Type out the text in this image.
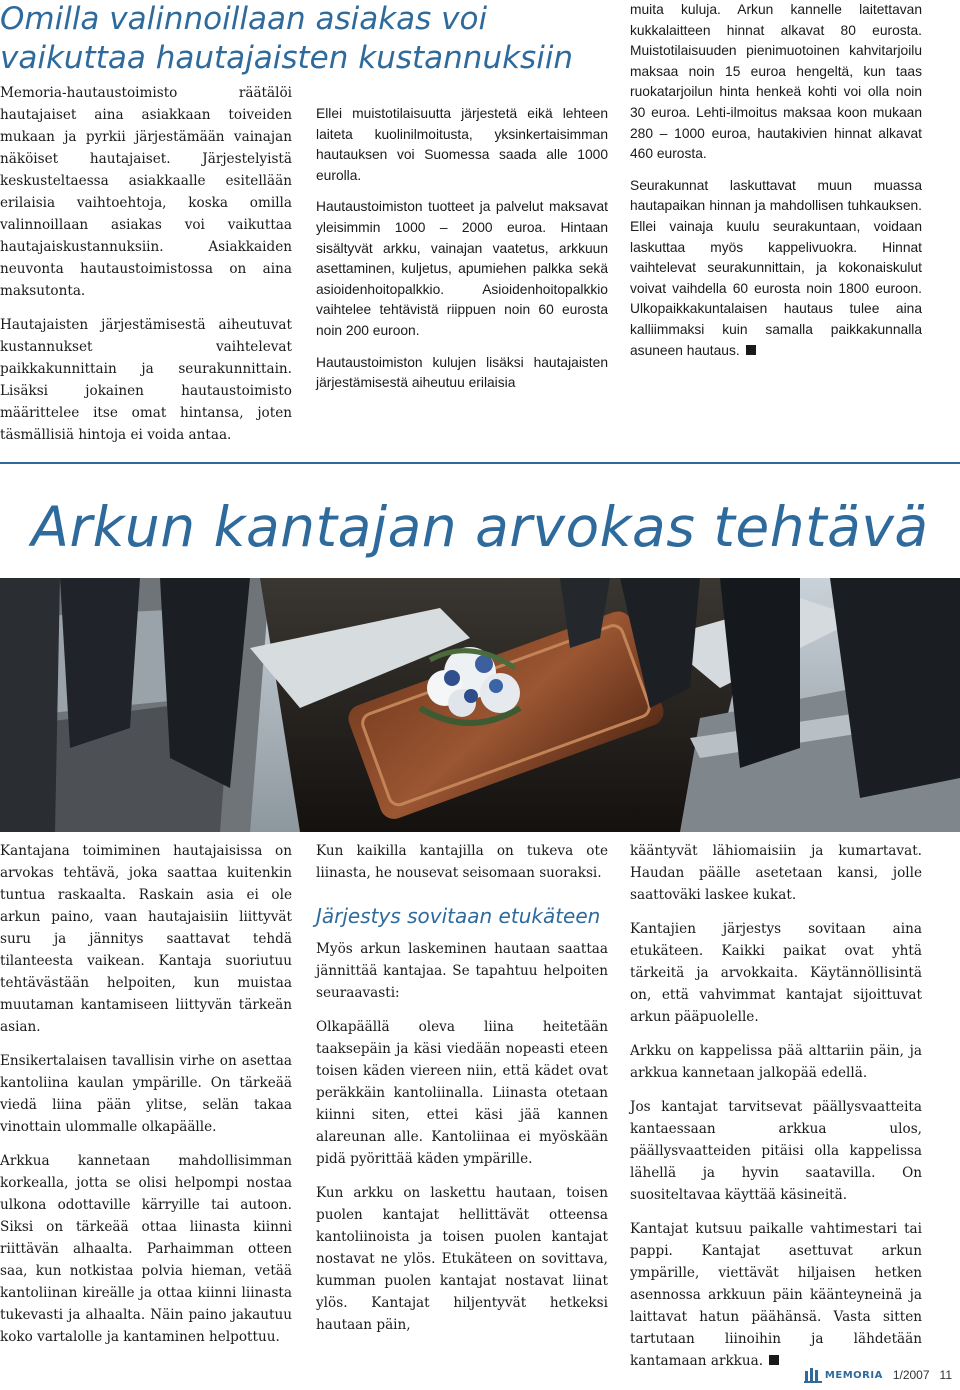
Omilla valinnoillaan asiakas voi vaikuttaa hautajaisten kustannuksiin

Memoria-hautaustoimisto räätälöi hautajaiset aina asiakkaan toiveiden mukaan ja pyrkii järjestämään vainajan näköiset hautajaiset. Järjestelyistä keskusteltaessa asiakkaalle esitellään erilaisia vaihtoehtoja, koska omilla valinnoillaan asiakas voi vaikuttaa hautajaiskustannuksiin. Asiakkaiden neuvonta hautaustoimistossa on aina maksutonta.

Hautajaisten järjestämisestä aiheutuvat kustannukset vaihtelevat paikkakunnittain ja seurakunnittain. Lisäksi jokainen hautaustoimisto määrittelee itse omat hintansa, joten täsmällisiä hintoja ei voida antaa.

Ellei muistotilaisuutta järjestetä eikä lehteen laiteta kuolinilmoitusta, yksinkertaisimman hautauksen voi Suomessa saada alle 1000 eurolla.

Hautaustoimiston tuotteet ja palvelut maksavat yleisimmin 1000 – 2000 euroa. Hintaan sisältyvät arkku, vainajan vaatetus, arkkuun asettaminen, kuljetus, apumiehen palkka sekä asioidenhoitopalkkio. Asioidenhoitopalkkio vaihtelee tehtävistä riippuen noin 60 eurosta noin 200 euroon.

Hautaustoimiston kulujen lisäksi hautajaisten järjestämisestä aiheutuu erilaisia

muita kuluja. Arkun kannelle laitettavan kukkalaitteen hinnat alkavat 80 eurosta. Muistotilaisuuden pienimuotoinen kahvitarjoilu maksaa noin 15 euroa hengeltä, kun taas ruokatarjoilun hinta henkeä kohti voi olla noin 30 euroa. Lehti-ilmoitus maksaa koon mukaan 280 – 1000 euroa, hautakivien hinnat alkavat 460 eurosta.

Seurakunnat laskuttavat muun muassa hautapaikan hinnan ja mahdollisen tuhkauksen. Ellei vainaja kuulu seurakuntaan, voidaan laskuttaa myös kappelivuokra. Hinnat vaihtelevat seurakunnittain, ja kokonaiskulut voivat vaihdella 60 eurosta noin 1800 euroon. Ulkopaikkakuntalaisen hautaus tulee aina kalliimmaksi kuin samalla paikkakunnalla asuneen hautaus.

Arkun kantajan arvokas tehtävä

Kantajana toimiminen hautajaisissa on arvokas tehtävä, joka saattaa kuitenkin tuntua raskaalta. Raskain asia ei ole arkun paino, vaan hautajaisiin liittyvät suru ja jännitys saattavat tehdä tilanteesta vaikean. Kantaja suoriutuu tehtävästään helpoiten, kun muistaa muutaman kantamiseen liittyvän tärkeän asian.

Ensikertalaisen tavallisin virhe on asettaa kantoliina kaulan ympärille. On tärkeää viedä liina pään ylitse, selän takaa vinottain ulommalle olkapäälle.

Arkkua kannetaan mahdollisimman korkealla, jotta se olisi helpompi nostaa ulkona odottaville kärryille tai autoon. Siksi on tärkeää ottaa liinasta kiinni riittävän alhaalta. Parhaimman otteen saa, kun notkistaa polvia hieman, vetää kantoliinan kireälle ja ottaa kiinni liinasta tukevasti ja alhaalta. Näin paino jakautuu koko vartalolle ja kantaminen helpottuu.

Kun kaikilla kantajilla on tukeva ote liinasta, he nousevat seisomaan suoraksi.

Järjestys sovitaan etukäteen

Myös arkun laskeminen hautaan saattaa jännittää kantajaa. Se tapahtuu helpoiten seuraavasti:

Olkapäällä oleva liina heitetään taaksepäin ja käsi viedään nopeasti eteen toisen käden viereen niin, että kädet ovat peräkkäin kantoliinalla. Liinasta otetaan kiinni siten, ettei käsi jää kannen alareunan alle. Kantoliinaa ei myöskään pidä pyörittää käden ympärille.

Kun arkku on laskettu hautaan, toisen puolen kantajat hellittävät otteensa kantoliinoista ja toisen puolen kantajat nostavat ne ylös. Etukäteen on sovittava, kumman puolen kantajat nostavat liinat ylös. Kantajat hiljentyvät hetkeksi hautaan päin,

kääntyvät lähiomaisiin ja kumartavat. Haudan päälle asetetaan kansi, jolle saattoväki laskee kukat.

Kantajien järjestys sovitaan aina etukäteen. Kaikki paikat ovat yhtä tärkeitä ja arvokkaita. Käytännöllisintä on, että vahvimmat kantajat sijoittuvat arkun pääpuolelle.

Arkku on kappelissa pää alttariin päin, ja arkkua kannetaan jalkopää edellä.

Jos kantajat tarvitsevat päällysvaatteita kantaessaan arkkua ulos, päällysvaatteiden pitäisi olla kappelissa lähellä ja hyvin saatavilla. On suositeltavaa käyttää käsineitä.

Kantajat kutsuu paikalle vahtimestari tai pappi. Kantajat asettuvat arkun ympärille, viettävät hiljaisen hetken asennossa arkkuun päin käänteyneinä ja laittavat hatun päähänsä. Vasta sitten tartutaan liinoihin ja lähdetään kantamaan arkkua.

MEMORIA 1/2007 11
